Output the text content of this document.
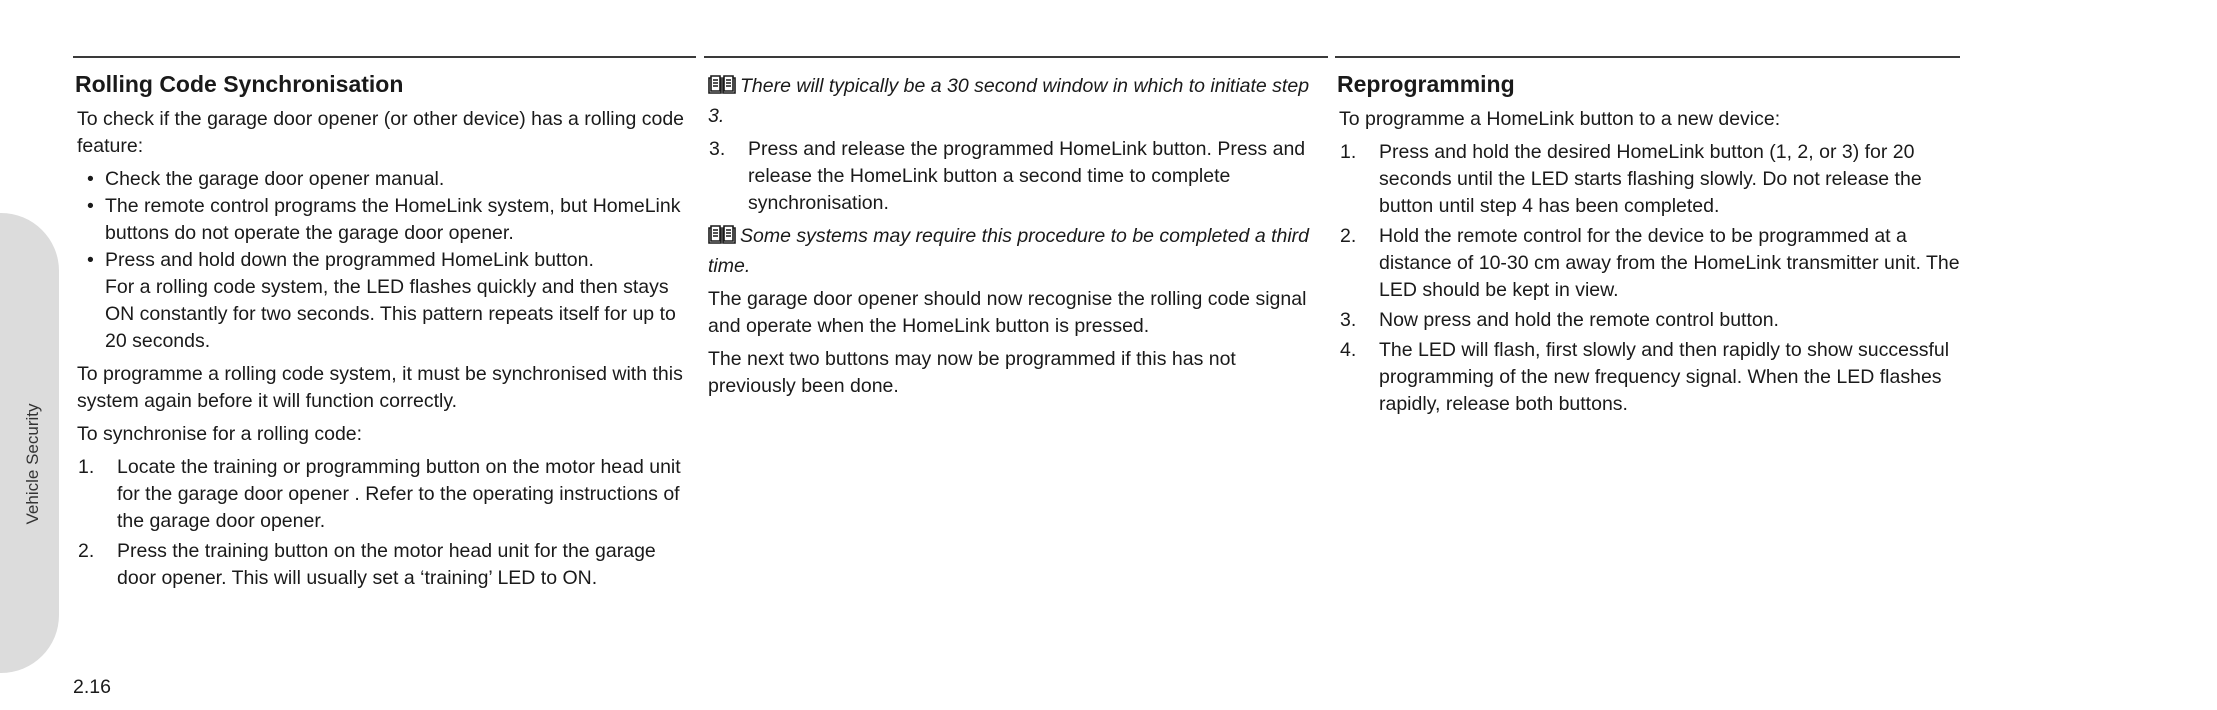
Vehicle Security
Rolling Code Synchronisation

To check if the garage door opener (or other device) has a rolling code feature:

• Check the garage door opener manual.
• The remote control programs the HomeLink system, but HomeLink buttons do not operate the garage door opener.
• Press and hold down the programmed HomeLink button.
For a rolling code system, the LED flashes quickly and then stays ON constantly for two seconds. This pattern repeats itself for up to 20 seconds.

To programme a rolling code system, it must be synchronised with this system again before it will function correctly.

To synchronise for a rolling code:

1. Locate the training or programming button on the motor head unit for the garage door opener . Refer to the operating instructions of the garage door opener.
2. Press the training button on the motor head unit for the garage door opener. This will usually set a ‘training’ LED to ON.

There will typically be a 30 second window in which to initiate step 3.

3. Press and release the programmed HomeLink button. Press and release the HomeLink button a second time to complete synchronisation.

Some systems may require this procedure to be completed a third time.

The garage door opener should now recognise the rolling code signal and operate when the HomeLink button is pressed.

The next two buttons may now be programmed if this has not previously been done.

Reprogramming

To programme a HomeLink button to a new device:

1. Press and hold the desired HomeLink button (1, 2, or 3) for 20 seconds until the LED starts flashing slowly. Do not release the button until step 4 has been completed.
2. Hold the remote control for the device to be programmed at a distance of 10-30 cm away from the HomeLink transmitter unit. The LED should be kept in view.
3. Now press and hold the remote control button.
4. The LED will flash, first slowly and then rapidly to show successful programming of the new frequency signal. When the LED flashes rapidly, release both buttons.
2.16
